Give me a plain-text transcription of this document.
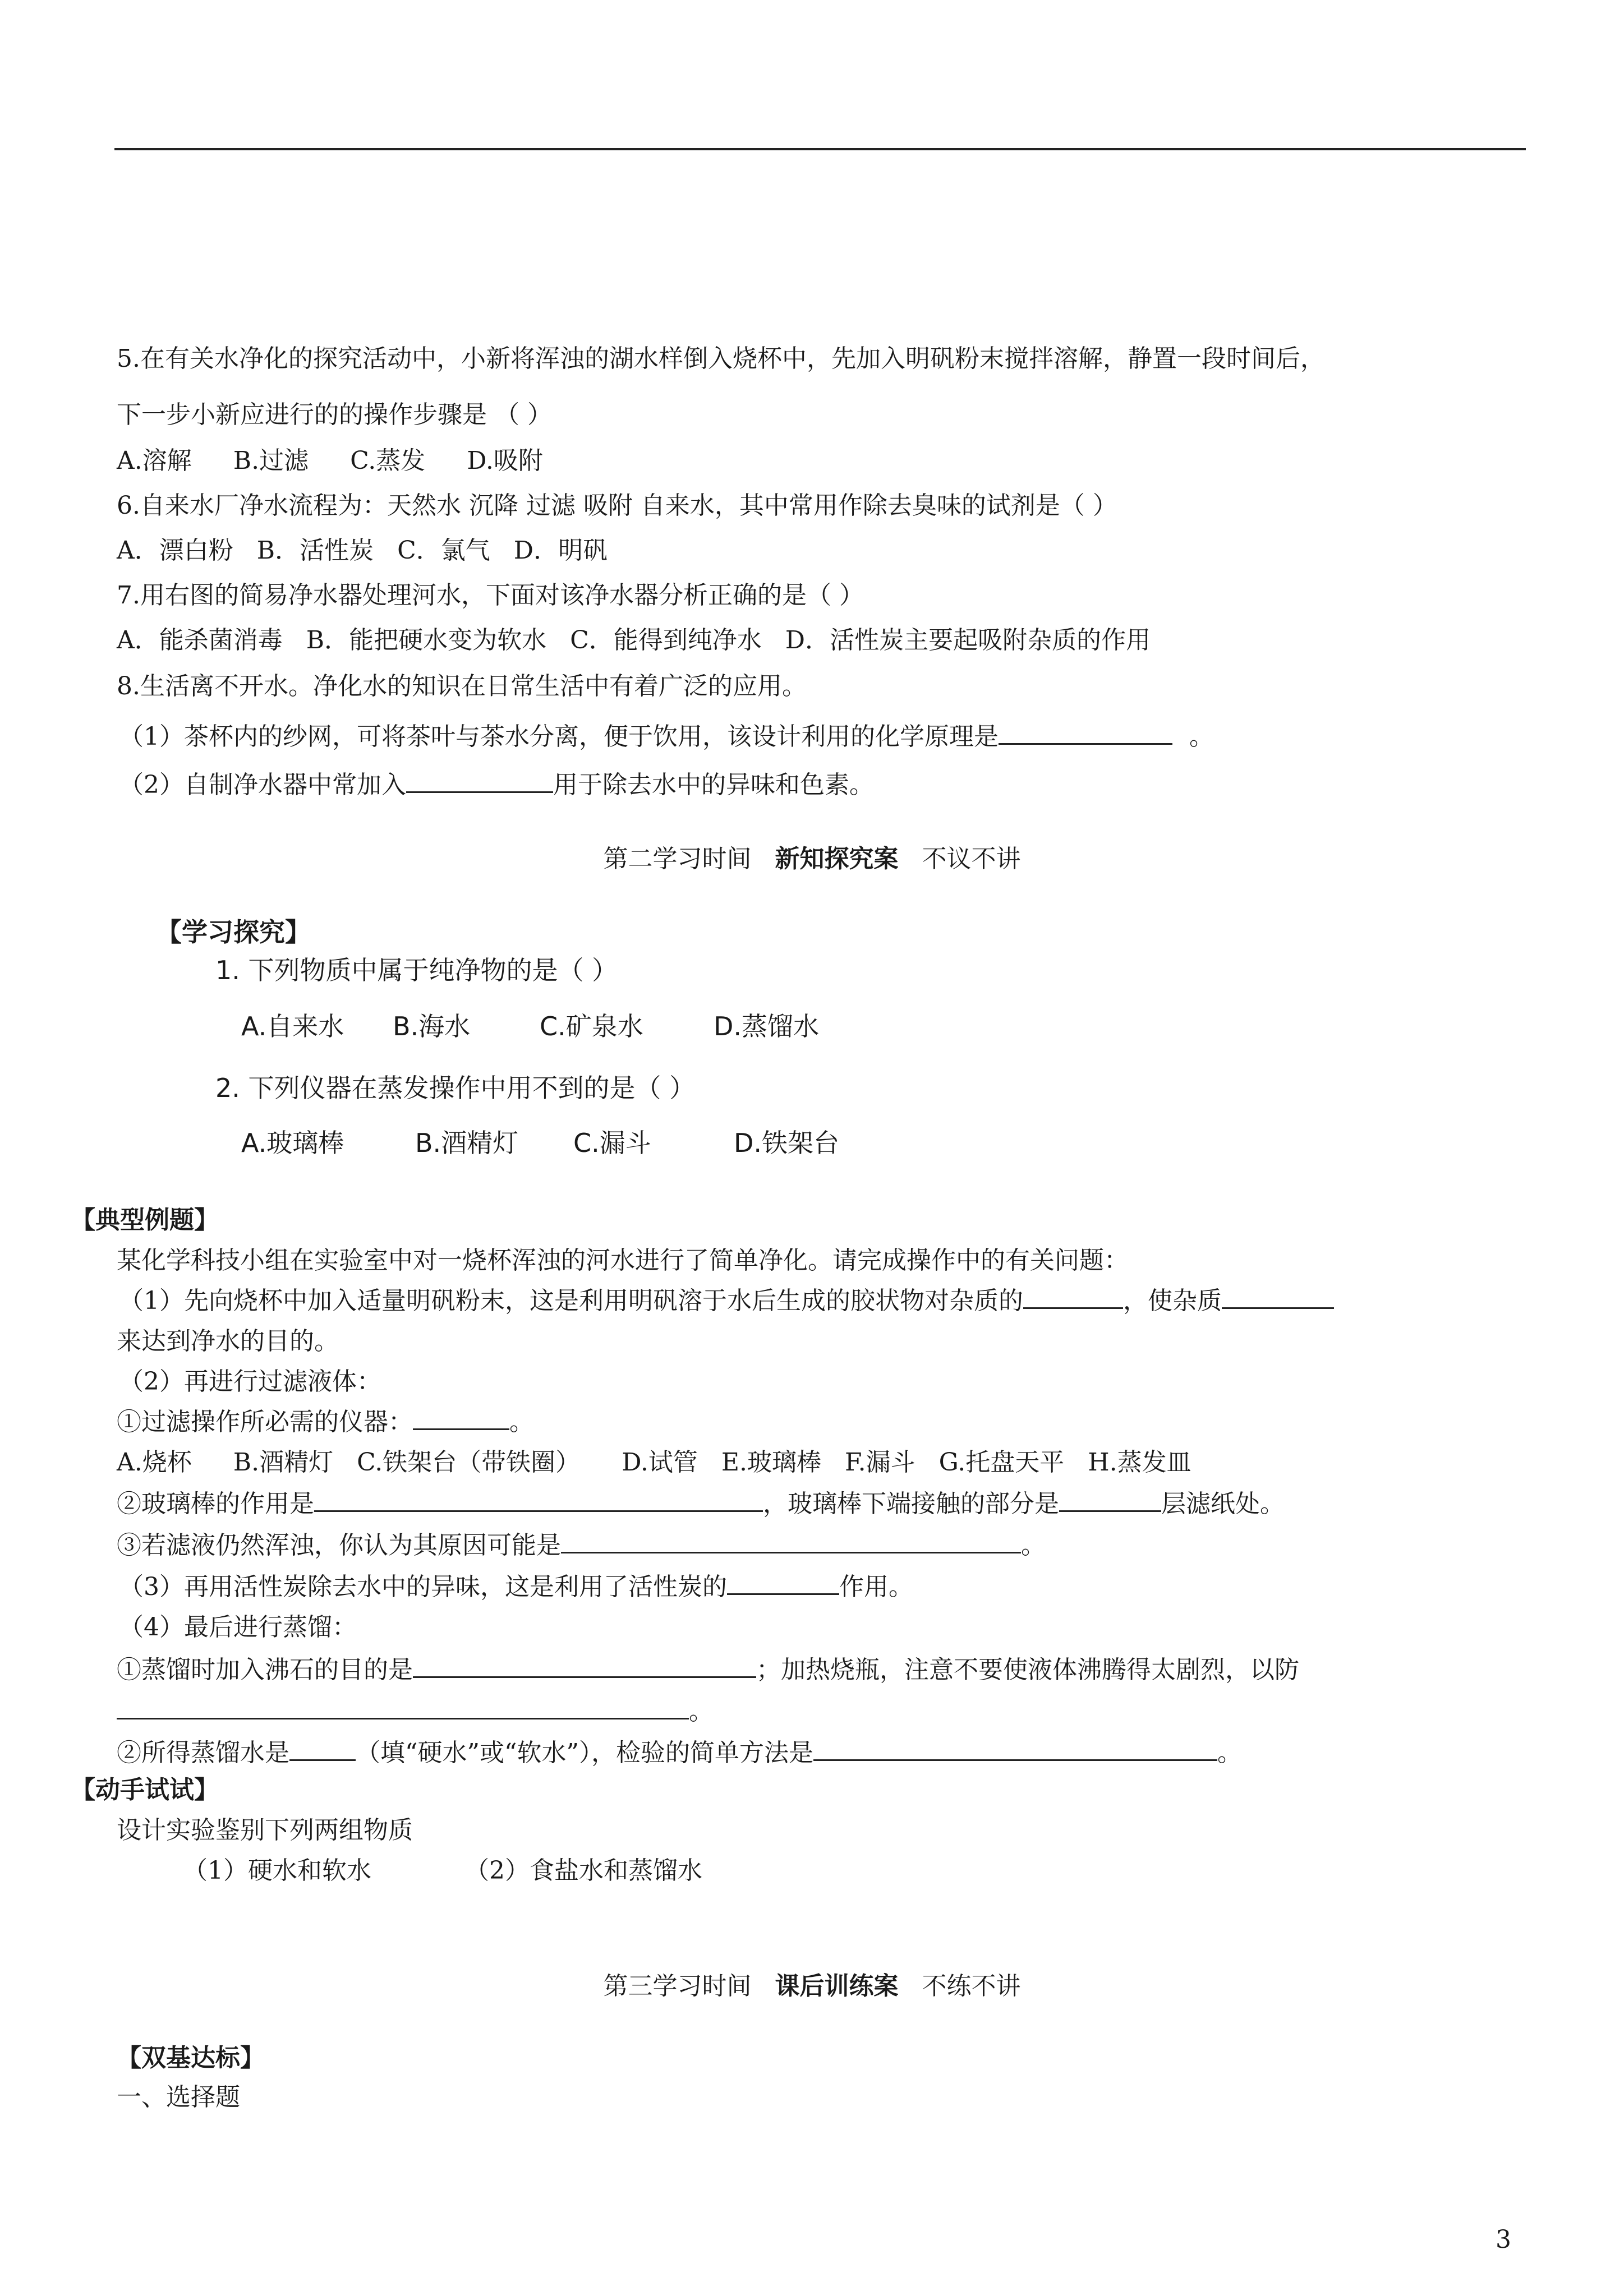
5.在有关水净化的探究活动中，小新将浑浊的湖水样倒入烧杯中，先加入明矾粉末搅拌溶解，静置一段时间后，
下一步小新应进行的的操作步骤是 （ ）
A.溶解 B.过滤 C.蒸发 D.吸附
6.自来水厂净水流程为：天然水 沉降 过滤 吸附 自来水，其中常用作除去臭味的试剂是（ ）
A．漂白粉 B．活性炭 C．氯气 D．明矾
7.用右图的简易净水器处理河水，下面对该净水器分析正确的是（ ）
A．能杀菌消毒 B．能把硬水变为软水 C．能得到纯净水 D．活性炭主要起吸附杂质的作用
8.生活离不开水。净化水的知识在日常生活中有着广泛的应用。
（1）茶杯内的纱网，可将茶叶与茶水分离，便于饮用，该设计利用的化学原理是	。
（2）自制净水器中常加入	用于除去水中的异味和色素。
第二学习时间 新知探究案 不议不讲
【学习探究】
1. 下列物质中属于纯净物的是（ ）
A.自来水 B.海水	C.矿泉水	D.蒸馏水
2. 下列仪器在蒸发操作中用不到的是（ ）
A.玻璃棒	B.酒精灯 C.漏斗	D.铁架台
【典型例题】
某化学科技小组在实验室中对一烧杯浑浊的河水进行了简单净化。请完成操作中的有关问题：
（1）先向烧杯中加入适量明矾粉末，这是利用明矾溶于水后生成的胶状物对杂质的	，使杂质
来达到净水的目的。
（2）再进行过滤液体：
①过滤操作所必需的仪器：	。
A.烧杯 B.酒精灯 C.铁架台（带铁圈） D.试管 E.玻璃棒 F.漏斗 G.托盘天平 H.蒸发皿
②玻璃棒的作用是	，玻璃棒下端接触的部分是	层滤纸处。
③若滤液仍然浑浊，你认为其原因可能是	。
（3）再用活性炭除去水中的异味，这是利用了活性炭的	作用。
（4）最后进行蒸馏：
①蒸馏时加入沸石的目的是	；加热烧瓶，注意不要使液体沸腾得太剧烈，以防
。
②所得蒸馏水是	（填“硬水”或“软水”），检验的简单方法是	。
【动手试试】
设计实验鉴别下列两组物质
（1）硬水和软水	（2）食盐水和蒸馏水
第三学习时间 课后训练案 不练不讲
【双基达标】
一、选择题
3
